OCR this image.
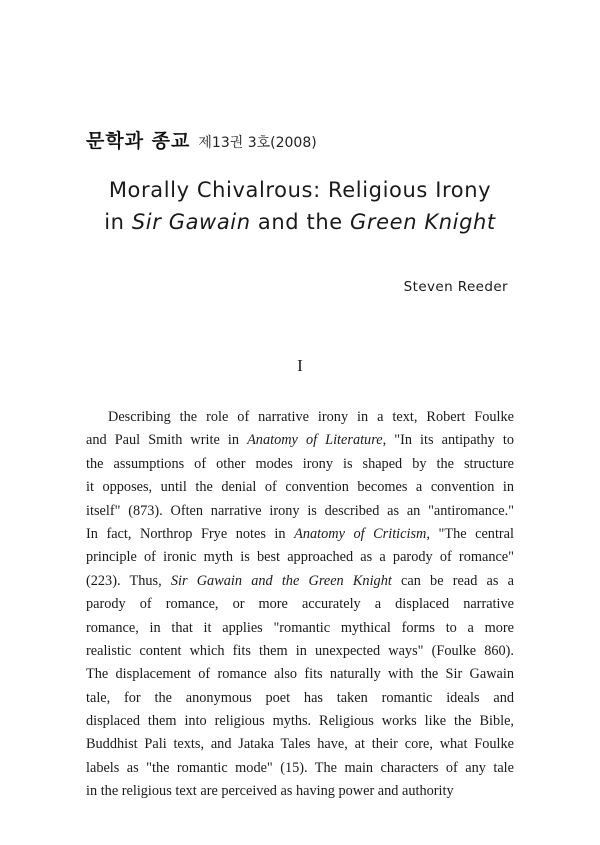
문학과 종교 제13권 3호(2008)
Morally Chivalrous: Religious Irony
in Sir Gawain and the Green Knight
Steven Reeder
I
Describing the role of narrative irony in a text, Robert Foulke
and Paul Smith write in Anatomy of Literature, "In its antipathy to
the assumptions of other modes irony is shaped by the structure
it opposes, until the denial of convention becomes a convention in
itself" (873). Often narrative irony is described as an "antiromance."
In fact, Northrop Frye notes in Anatomy of Criticism, "The central
principle of ironic myth is best approached as a parody of romance"
(223). Thus, Sir Gawain and the Green Knight can be read as a
parody of romance, or more accurately a displaced narrative
romance, in that it applies "romantic mythical forms to a more
realistic content which fits them in unexpected ways" (Foulke 860).
The displacement of romance also fits naturally with the Sir Gawain
tale, for the anonymous poet has taken romantic ideals and
displaced them into religious myths. Religious works like the Bible,
Buddhist Pali texts, and Jataka Tales have, at their core, what Foulke
labels as "the romantic mode" (15). The main characters of any tale
in the religious text are perceived as having power and authority
